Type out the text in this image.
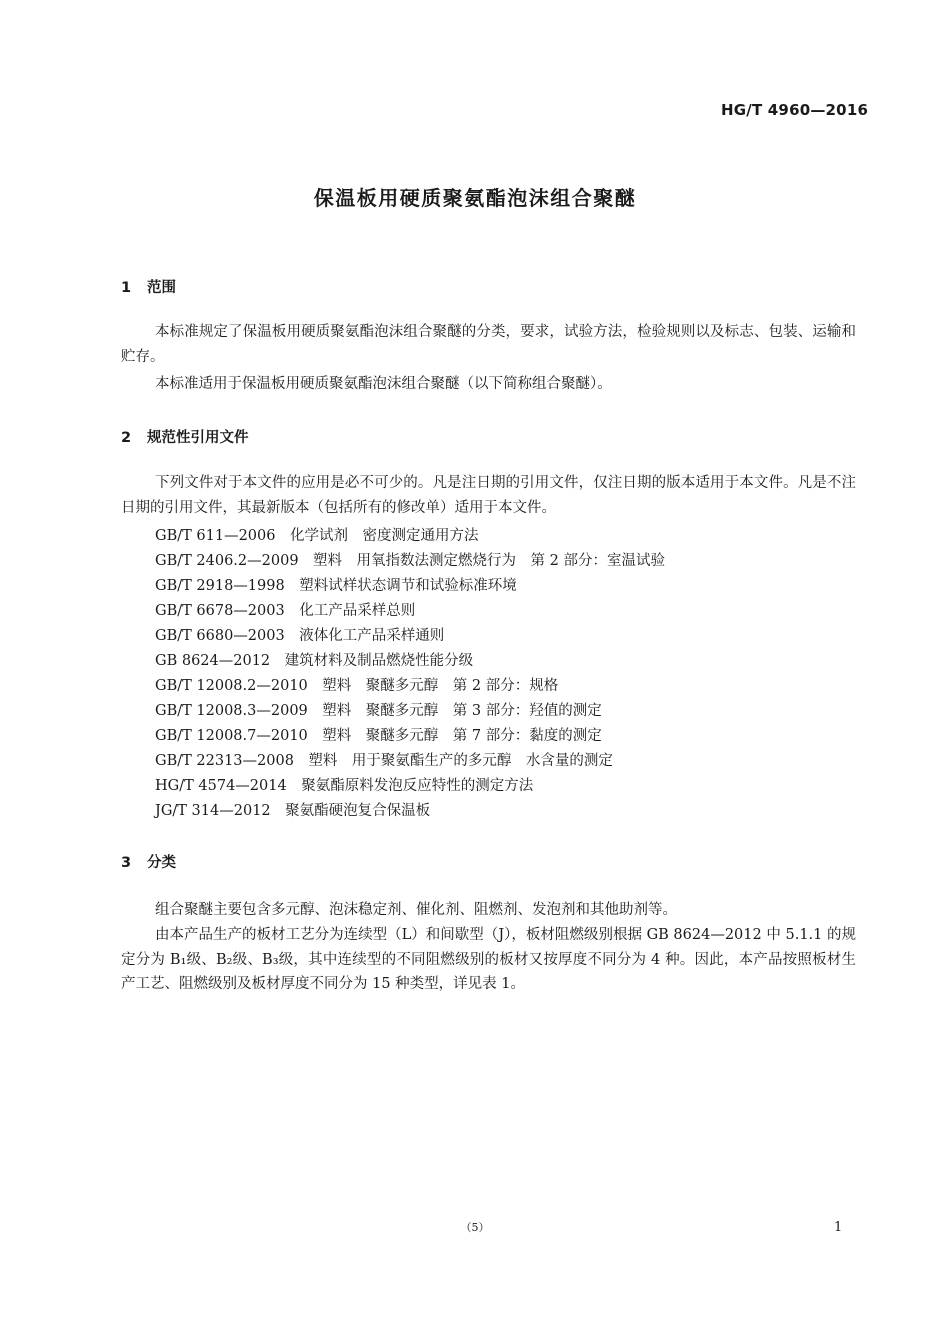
HG/T 4960—2016
保温板用硬质聚氨酯泡沫组合聚醚
1 范围
本标准规定了保温板用硬质聚氨酯泡沫组合聚醚的分类，要求，试验方法，检验规则以及标志、包装、运输和贮存。
本标准适用于保温板用硬质聚氨酯泡沫组合聚醚（以下简称组合聚醚）。
2 规范性引用文件
下列文件对于本文件的应用是必不可少的。凡是注日期的引用文件，仅注日期的版本适用于本文件。凡是不注日期的引用文件，其最新版本（包括所有的修改单）适用于本文件。
GB/T 611—2006　化学试剂　密度测定通用方法
GB/T 2406.2—2009　塑料　用氧指数法测定燃烧行为　第 2 部分：室温试验
GB/T 2918—1998　塑料试样状态调节和试验标准环境
GB/T 6678—2003　化工产品采样总则
GB/T 6680—2003　液体化工产品采样通则
GB 8624—2012　建筑材料及制品燃烧性能分级
GB/T 12008.2—2010　塑料　聚醚多元醇　第 2 部分：规格
GB/T 12008.3—2009　塑料　聚醚多元醇　第 3 部分：羟值的测定
GB/T 12008.7—2010　塑料　聚醚多元醇　第 7 部分：黏度的测定
GB/T 22313—2008　塑料　用于聚氨酯生产的多元醇　水含量的测定
HG/T 4574—2014　聚氨酯原料发泡反应特性的测定方法
JG/T 314—2012　聚氨酯硬泡复合保温板
3 分类
组合聚醚主要包含多元醇、泡沫稳定剂、催化剂、阻燃剂、发泡剂和其他助剂等。
由本产品生产的板材工艺分为连续型（L）和间歇型（J），板材阻燃级别根据 GB 8624—2012 中 5.1.1 的规定分为 B₁级、B₂级、B₃级，其中连续型的不同阻燃级别的板材又按厚度不同分为 4 种。因此，本产品按照板材生产工艺、阻燃级别及板材厚度不同分为 15 种类型，详见表 1。
（5）	1
